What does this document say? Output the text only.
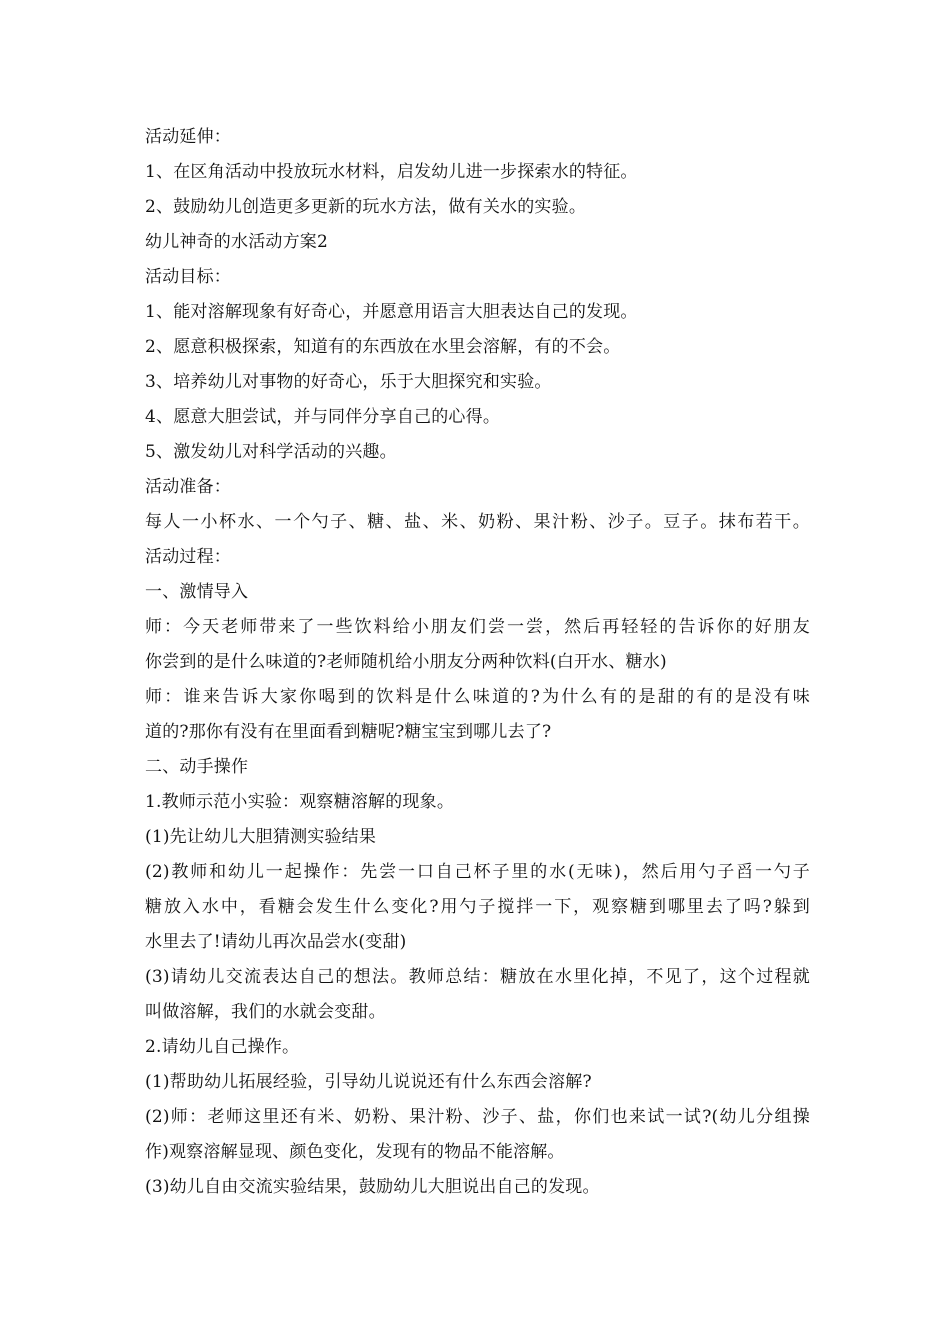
活动延伸：
1、在区角活动中投放玩水材料，启发幼儿进一步探索水的特征。
2、鼓励幼儿创造更多更新的玩水方法，做有关水的实验。
幼儿神奇的水活动方案2
活动目标：
1、能对溶解现象有好奇心，并愿意用语言大胆表达自己的发现。
2、愿意积极探索，知道有的东西放在水里会溶解，有的不会。
3、培养幼儿对事物的好奇心，乐于大胆探究和实验。
4、愿意大胆尝试，并与同伴分享自己的心得。
5、激发幼儿对科学活动的兴趣。
活动准备：
每人一小杯水、一个勺子、糖、盐、米、奶粉、果汁粉、沙子。豆子。抹布若干。
活动过程：
一、激情导入
师：今天老师带来了一些饮料给小朋友们尝一尝，然后再轻轻的告诉你的好朋友
你尝到的是什么味道的?老师随机给小朋友分两种饮料(白开水、糖水)
师：谁来告诉大家你喝到的饮料是什么味道的?为什么有的是甜的有的是没有味
道的?那你有没有在里面看到糖呢?糖宝宝到哪儿去了?
二、动手操作
1.教师示范小实验：观察糖溶解的现象。
(1)先让幼儿大胆猜测实验结果
(2)教师和幼儿一起操作：先尝一口自己杯子里的水(无味)，然后用勺子舀一勺子
糖放入水中，看糖会发生什么变化?用勺子搅拌一下，观察糖到哪里去了吗?躲到
水里去了!请幼儿再次品尝水(变甜)
(3)请幼儿交流表达自己的想法。教师总结：糖放在水里化掉，不见了，这个过程就
叫做溶解，我们的水就会变甜。
2.请幼儿自己操作。
(1)帮助幼儿拓展经验，引导幼儿说说还有什么东西会溶解?
(2)师：老师这里还有米、奶粉、果汁粉、沙子、盐，你们也来试一试?(幼儿分组操
作)观察溶解显现、颜色变化，发现有的物品不能溶解。
(3)幼儿自由交流实验结果，鼓励幼儿大胆说出自己的发现。
